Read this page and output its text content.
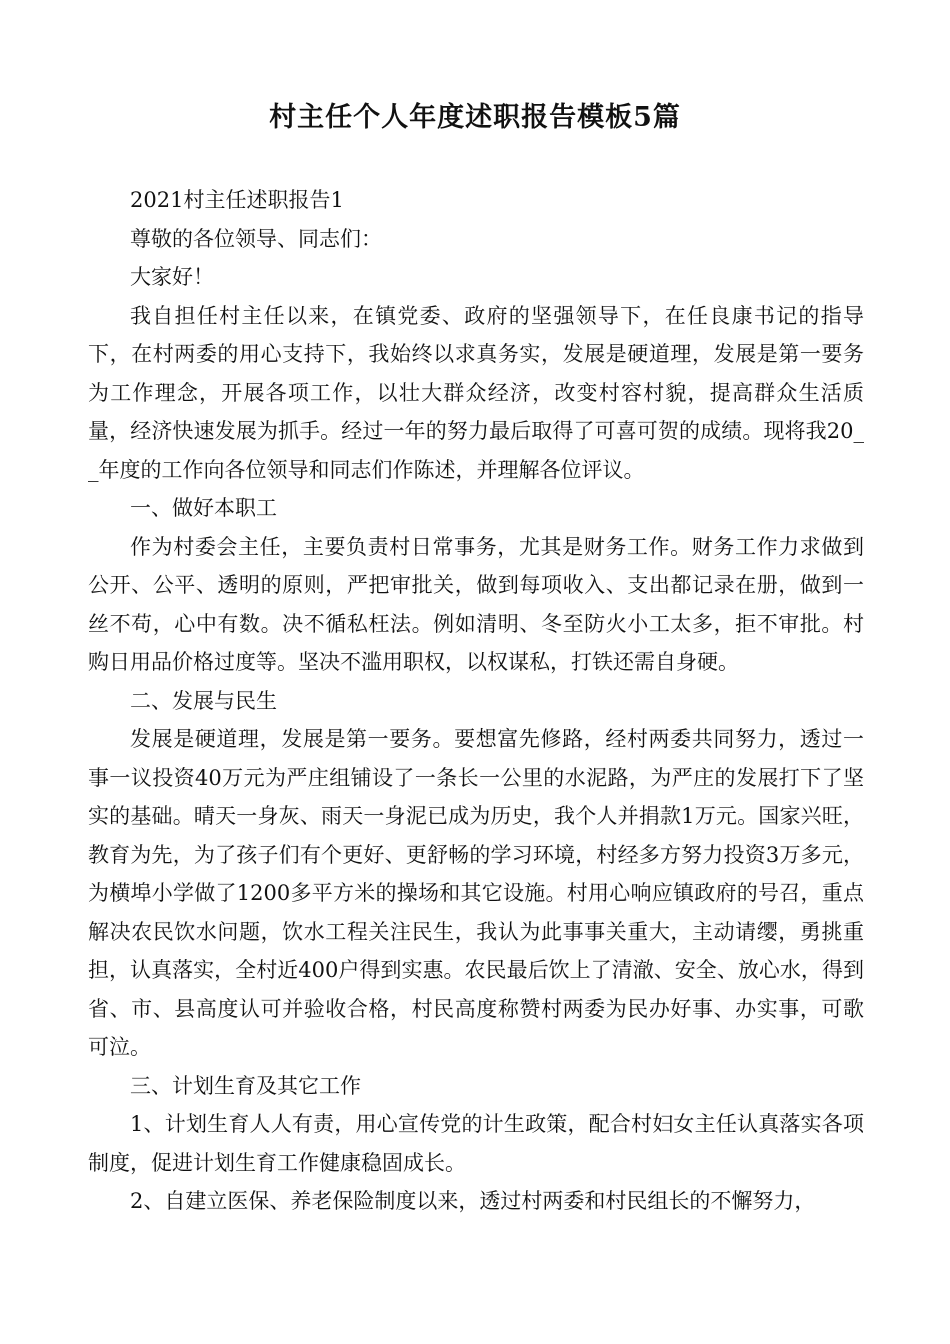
村主任个人年度述职报告模板5篇

2021村主任述职报告1

尊敬的各位领导、同志们：

大家好！

我自担任村主任以来，在镇党委、政府的坚强领导下，在任良康书记的指导下，在村两委的用心支持下，我始终以求真务实，发展是硬道理，发展是第一要务为工作理念，开展各项工作，以壮大群众经济，改变村容村貌，提高群众生活质量，经济快速发展为抓手。经过一年的努力最后取得了可喜可贺的成绩。现将我20__年度的工作向各位领导和同志们作陈述，并理解各位评议。

一、做好本职工

作为村委会主任，主要负责村日常事务，尤其是财务工作。财务工作力求做到公开、公平、透明的原则，严把审批关，做到每项收入、支出都记录在册，做到一丝不苟，心中有数。决不循私枉法。例如清明、冬至防火小工太多，拒不审批。村购日用品价格过度等。坚决不滥用职权，以权谋私，打铁还需自身硬。

二、发展与民生

发展是硬道理，发展是第一要务。要想富先修路，经村两委共同努力，透过一事一议投资40万元为严庄组铺设了一条长一公里的水泥路，为严庄的发展打下了坚实的基础。晴天一身灰、雨天一身泥已成为历史，我个人并捐款1万元。国家兴旺，教育为先，为了孩子们有个更好、更舒畅的学习环境，村经多方努力投资3万多元，为横埠小学做了1200多平方米的操场和其它设施。村用心响应镇政府的号召，重点解决农民饮水问题，饮水工程关注民生，我认为此事事关重大，主动请缨，勇挑重担，认真落实，全村近400户得到实惠。农民最后饮上了清澈、安全、放心水，得到省、市、县高度认可并验收合格，村民高度称赞村两委为民办好事、办实事，可歌可泣。

三、计划生育及其它工作

1、计划生育人人有责，用心宣传党的计生政策，配合村妇女主任认真落实各项制度，促进计划生育工作健康稳固成长。

2、自建立医保、养老保险制度以来，透过村两委和村民组长的不懈努力，
